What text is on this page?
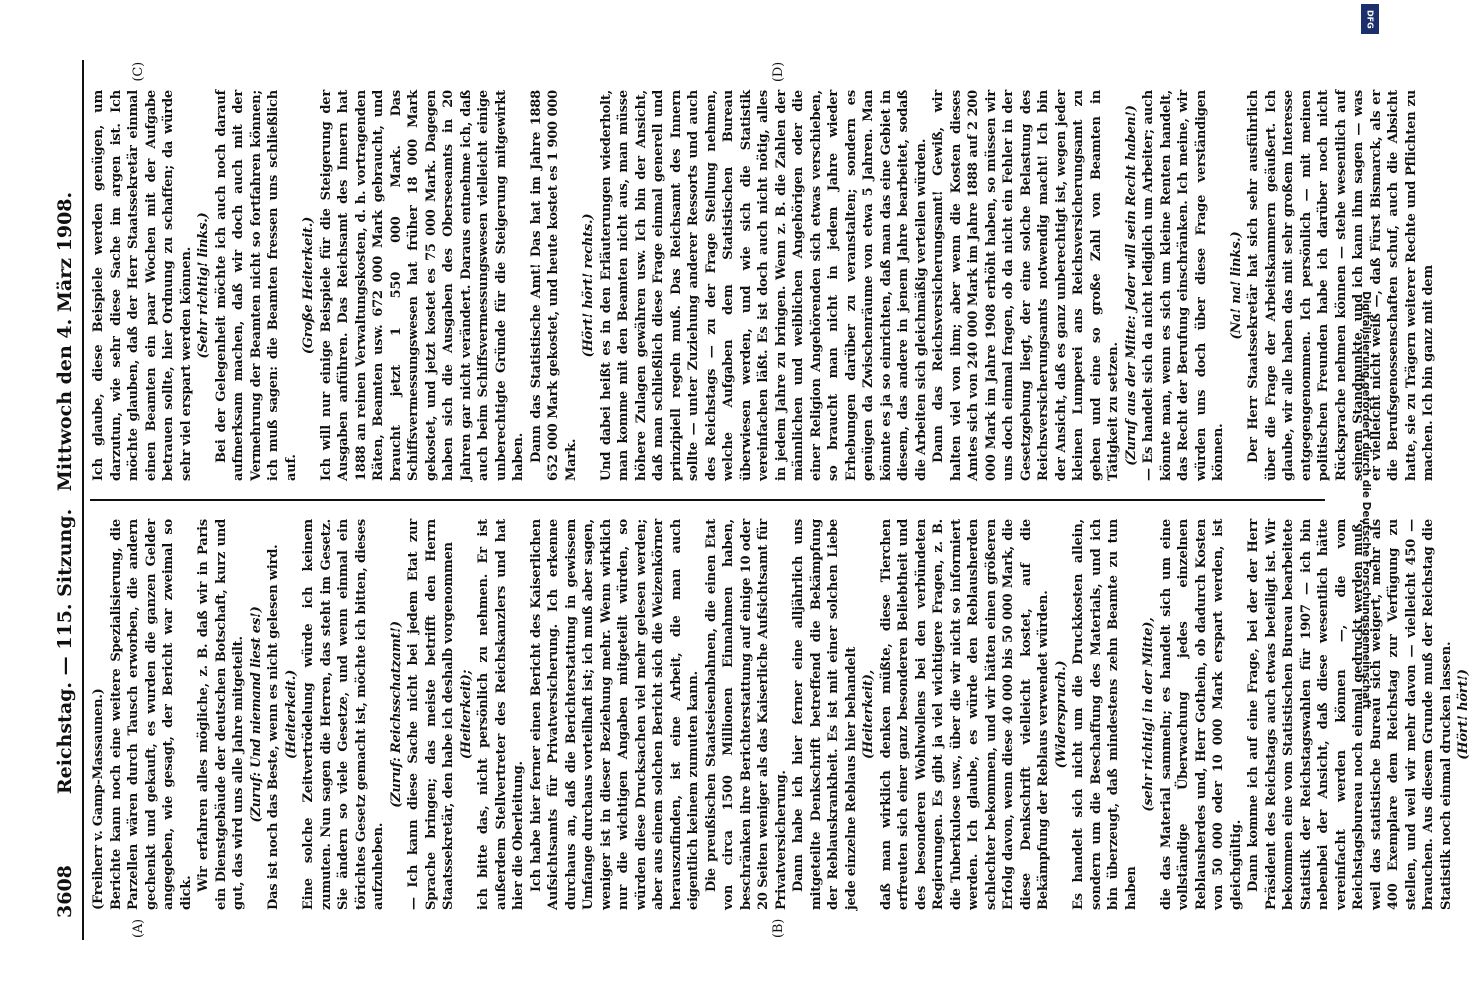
3608
Reichstag. — 115. Sitzung.Mittwoch den 4. März 1908.
(A)	(B)

(Freiherr v. Gamp-Massaunen.) Berichte kann noch eine weitere Spezialisierung, die Parzellen wären durch Tausch erworben, die andern gechenkt und gekauft, es wurden die ganzen Gelder angegeben, wie gesagt, der Bericht war zweimal so dick.

Wir erfahren alles mögliche, z. B. daß wir in Paris ein Dienstgebäude der deutschen Botschaft, kurz und gut, das wird uns alle Jahre mitgeteilt. (Zuruf: Und niemand liest es!) Das ist noch das Beste, wenn es nicht gelesen wird. (Heiterkeit.) Eine solche Zeitvertrödelung würde ich keinem zumuten. Nun sagen die Herren, das steht im Gesetz. Sie ändern so viele Gesetze, und wenn einmal ein törichtes Gesetz gemacht ist, möchte ich bitten, dieses aufzuheben.

(Zuruf: Reichsschatzamt!) — Ich kann diese Sache nicht bei jedem Etat zur Sprache bringen; das meiste betrifft den Herrn Staatssekretär, den habe ich deshalb vorgenommen (Heiterkeit); ich bitte das, nicht persönlich zu nehmen. Er ist außerdem Stellvertreter des Reichskanzlers und hat hier die Oberleitung. Ich habe hier ferner einen Bericht des Kaiserlichen Aufsichtsamts für Privatversicherung. Ich erkenne durchaus an, daß die Berichterstattung in gewissem Umfange durchaus vorteilhaft ist; ich muß aber sagen, weniger ist in dieser Beziehung mehr. Wenn wirklich nur die wichtigen Angaben mitgeteilt würden, so würden diese Drucksachen viel mehr gelesen werden; aber aus einem solchen Bericht sich die Weizenkörner herauszufinden, ist eine Arbeit, die man auch eigentlich keinem zumuten kann. Die preußischen Staatseisenbahnen, die einen Etat von circa 1500 Millionen Einnahmen haben, beschränken ihre Berichterstattung auf einige 10 oder 20 Seiten weniger als das Kaiserliche Aufsichtsamt für Privatversicherung. Dann habe ich hier ferner eine alljährlich uns mitgeteilte Denkschrift betreffend die Bekämpfung der Reblauskrankheit. Es ist mit einer solchen Liebe jede einzelne Reblaus hier behandelt (Heiterkeit), daß man wirklich denken müßte, diese Tierchen erfreuten sich einer ganz besonderen Beliebtheit und des besonderen Wohlwollens bei den verbündeten Regierungen. Es gibt ja viel wichtigere Fragen, z. B. die Tuberkulose usw., über die wir nicht so informiert werden. Ich glaube, es würde den Reblausherden schlechter bekommen, und wir hätten einen größeren Erfolg davon, wenn diese 40 000 bis 50 000 Mark, die diese Denkschrift vielleicht kostet, auf die Bekämpfung der Reblaus verwendet würden. (Widerspruch.) Es handelt sich nicht um die Druckkosten allein, sondern um die Beschaffung des Materials, und ich bin überzeugt, daß mindestens zehn Beamte zu tun haben

(sehr richtig! in der Mitte), die das Material sammeln; es handelt sich um eine vollständige Überwachung jedes einzelnen Reblausherdes und, Herr Gothein, ob dadurch Kosten von 50 000 oder 10 000 Mark erspart werden, ist gleichgültig. Dann komme ich auf eine Frage, bei der der Herr Präsident des Reichstags auch etwas beteiligt ist. Wir bekommen eine vom Statistischen Bureau bearbeitete Statistik der Reichstagswahlen für 1907 — ich bin nebenbei der Ansicht, daß diese wesentlich hätte vereinfacht werden können —, die vom Reichstagsbureau noch einmal gedruckt werden muß, weil das statistische Bureau sich weigert, mehr als 400 Exemplare dem Reichstag zur Verfügung zu stellen, und weil wir mehr davon — vielleicht 450 — brauchen. Aus diesem Grunde muß der Reichstag die Statistik noch einmal drucken lassen. (Hört! hört!)

(C)	(D)

Ich glaube, diese Beispiele werden genügen, um darzutun, wie sehr diese Sache im argen ist. Ich möchte glauben, daß der Herr Staatssekretär einmal einen Beamten ein paar Wochen mit der Aufgabe betrauen sollte, hier Ordnung zu schaffen; da würde sehr viel erspart werden können. (Sehr richtig! links.) Bei der Gelegenheit möchte ich auch noch darauf aufmerksam machen, daß wir doch auch mit der Vermehrung der Beamten nicht so fortfahren können; ich muß sagen: die Beamten fressen uns schließlich auf.

(Große Heiterkeit.) Ich will nur einige Beispiele für die Steigerung der Ausgaben anführen. Das Reichsamt des Innern hat 1888 an reinen Verwaltungskosten, d. h. vortragenden Räten, Beamten usw. 672 000 Mark gebraucht, und braucht jetzt 1 550 000 Mark. Das Schiffsvermessungswesen hat früher 18 000 Mark gekostet, und jetzt kostet es 75 000 Mark. Dagegen haben sich die Ausgaben des Oberseeamts in 20 Jahren gar nicht verändert. Daraus entnehme ich, daß auch beim Schiffsvermessungswesen vielleicht einige unberechtigte Gründe für die Steigerung mitgewirkt haben. Dann das Statistische Amt! Das hat im Jahre 1888 652 000 Mark gekostet, und heute kostet es 1 900 000 Mark.

(Hört! hört! rechts.) Und dabei heißt es in den Erläuterungen wiederholt, man komme mit den Beamten nicht aus, man müsse höhere Zulagen gewähren usw. Ich bin der Ansicht, daß man schließlich diese Frage einmal generell und prinzipiell regeln muß. Das Reichsamt des Innern sollte — unter Zuziehung anderer Ressorts und auch des Reichstags — zu der Frage Stellung nehmen, welche Aufgaben dem Statistischen Bureau überwiesen werden, und wie sich die Statistik vereinfachen läßt. Es ist doch auch nicht nötig, alles in jedem Jahre zu bringen. Wenn z. B. die Zahlen der männlichen und weiblichen Angehörigen oder die einer Religion Angehörenden sich etwas verschieben, so braucht man nicht in jedem Jahre wieder Erhebungen darüber zu veranstalten; sondern es genügen da Zwischenräume von etwa 5 Jahren. Man könnte es ja so einrichten, daß man das eine Gebiet in diesem, das andere in jenem Jahre bearbeitet, sodaß die Arbeiten sich gleichmäßig verteilen würden. Dann das Reichsversicherungsamt! Gewiß, wir halten viel von ihm; aber wenn die Kosten dieses Amtes sich von 240 000 Mark im Jahre 1888 auf 2 200 000 Mark im Jahre 1908 erhöht haben, so müssen wir uns doch einmal fragen, ob da nicht ein Fehler in der Gesetzgebung liegt, der eine solche Belastung des Reichsversicherungsamts notwendig macht! Ich bin der Ansicht, daß es ganz unberechtigt ist, wegen jeder kleinen Lumperei ans Reichsversicherungsamt zu gehen und eine so große Zahl von Beamten in Tätigkeit zu setzen. (Zuruf aus der Mitte: Jeder will sein Recht haben!) — Es handelt sich da nicht lediglich um Arbeiter; auch könnte man, wenn es sich um kleine Renten handelt, das Recht der Berufung einschränken. Ich meine, wir würden uns doch über diese Frage verständigen können.

(Na! na! links.) Der Herr Staatssekretär hat sich sehr ausführlich über die Frage der Arbeitskammern geäußert. Ich glaube, wir alle haben das mit sehr großem Interesse entgegengenommen. Ich persönlich — mit meinen politischen Freunden habe ich darüber noch nicht Rücksprache nehmen können — stehe wesentlich auf seinem Standpunkte, und ich kann ihm sagen — was er vielleicht nicht weiß —, daß Fürst Bismarck, als er die Berufsgenossenschaften schuf, auch die Absicht hatte, sie zu Trägern weiterer Rechte und Pflichten zu machen. Ich bin ganz mit dem

Digitalisierung gefördert durch die Deutsche Forschungsgemeinschaft
DFG
